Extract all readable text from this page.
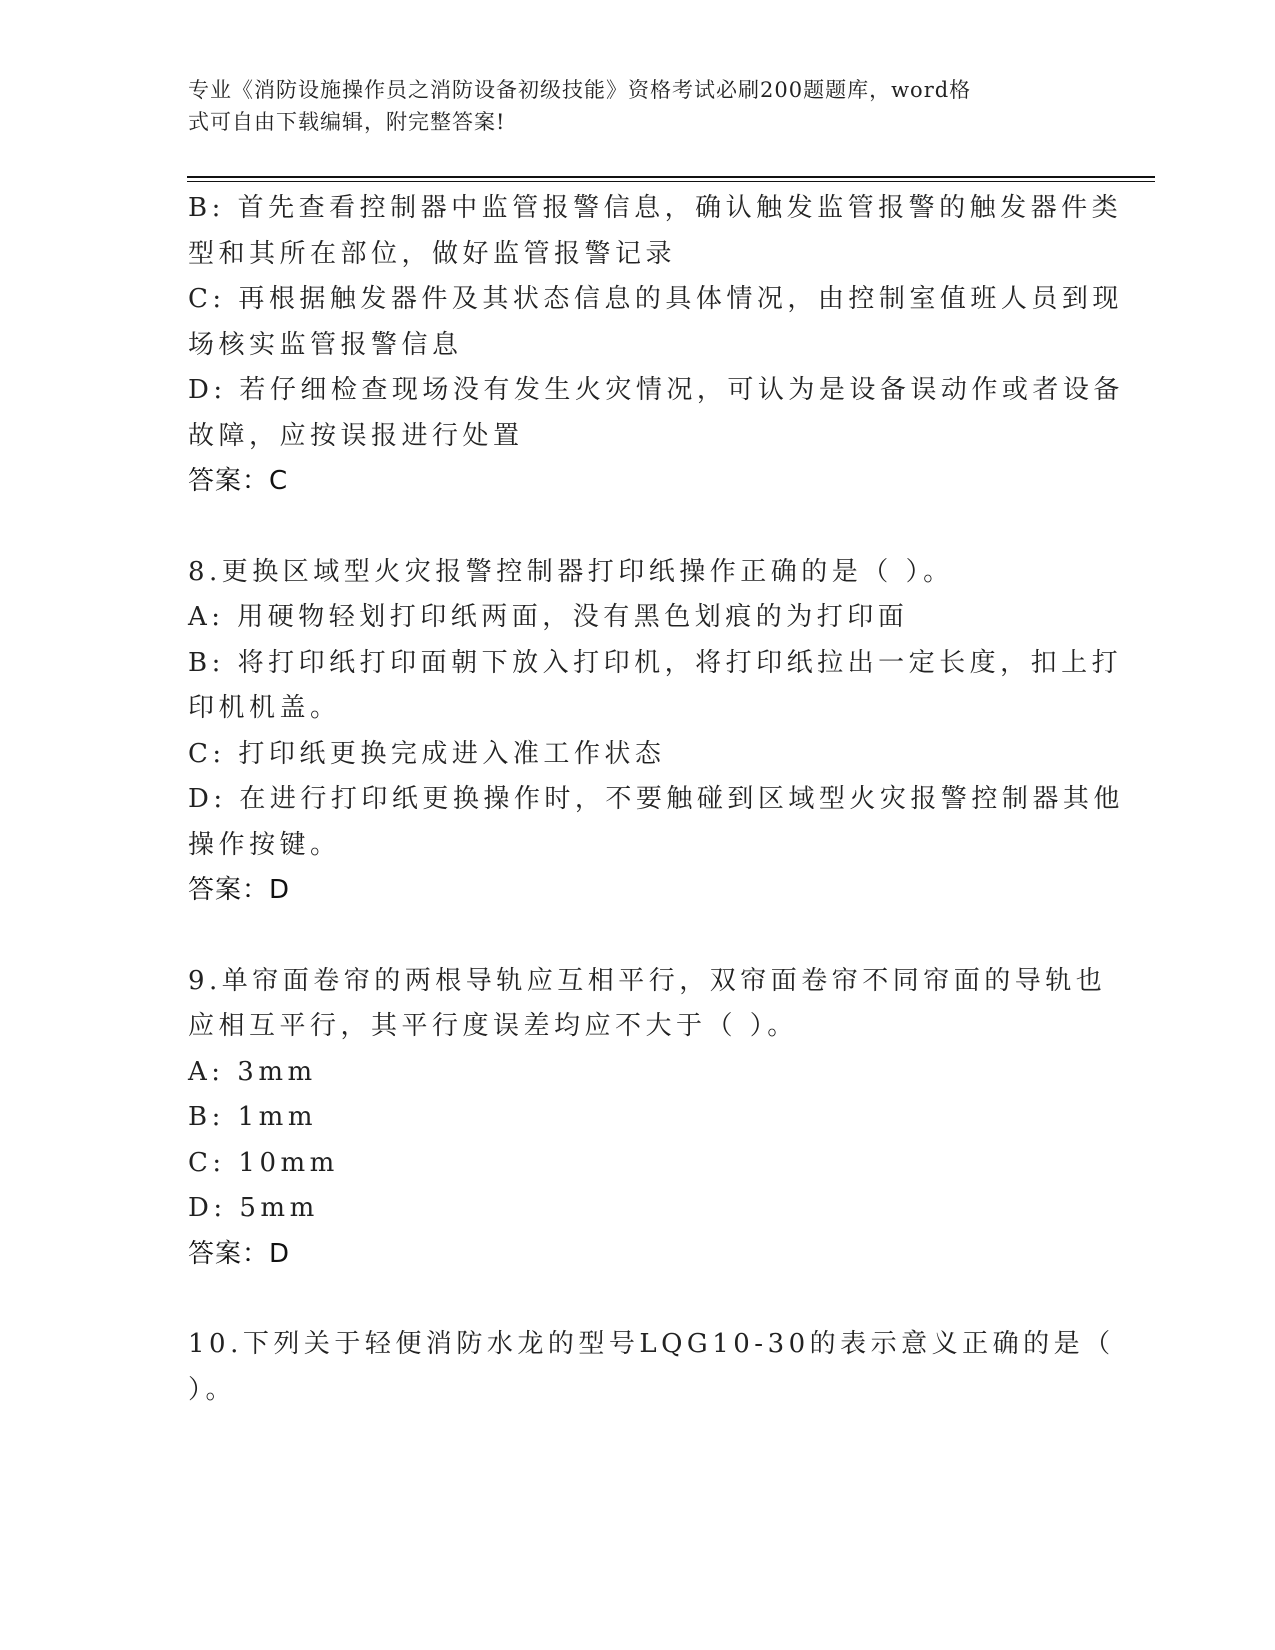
专业《消防设施操作员之消防设备初级技能》资格考试必刷200题题库，word格
式可自由下载编辑，附完整答案!
B: 首先查看控制器中监管报警信息，确认触发监管报警的触发器件类
型和其所在部位，做好监管报警记录
C: 再根据触发器件及其状态信息的具体情况，由控制室值班人员到现
场核实监管报警信息
D: 若仔细检查现场没有发生火灾情况，可认为是设备误动作或者设备
故障，应按误报进行处置
答案：C
8.更换区域型火灾报警控制器打印纸操作正确的是（ ）。
A: 用硬物轻划打印纸两面，没有黑色划痕的为打印面
B: 将打印纸打印面朝下放入打印机，将打印纸拉出一定长度，扣上打
印机机盖。
C: 打印纸更换完成进入准工作状态
D: 在进行打印纸更换操作时，不要触碰到区域型火灾报警控制器其他
操作按键。
答案：D
9.单帘面卷帘的两根导轨应互相平行，双帘面卷帘不同帘面的导轨也
应相互平行，其平行度误差均应不大于（ ）。
A: 3mm
B: 1mm
C: 10mm
D: 5mm
答案：D
10.下列关于轻便消防水龙的型号LQG10-30的表示意义正确的是（
）。
